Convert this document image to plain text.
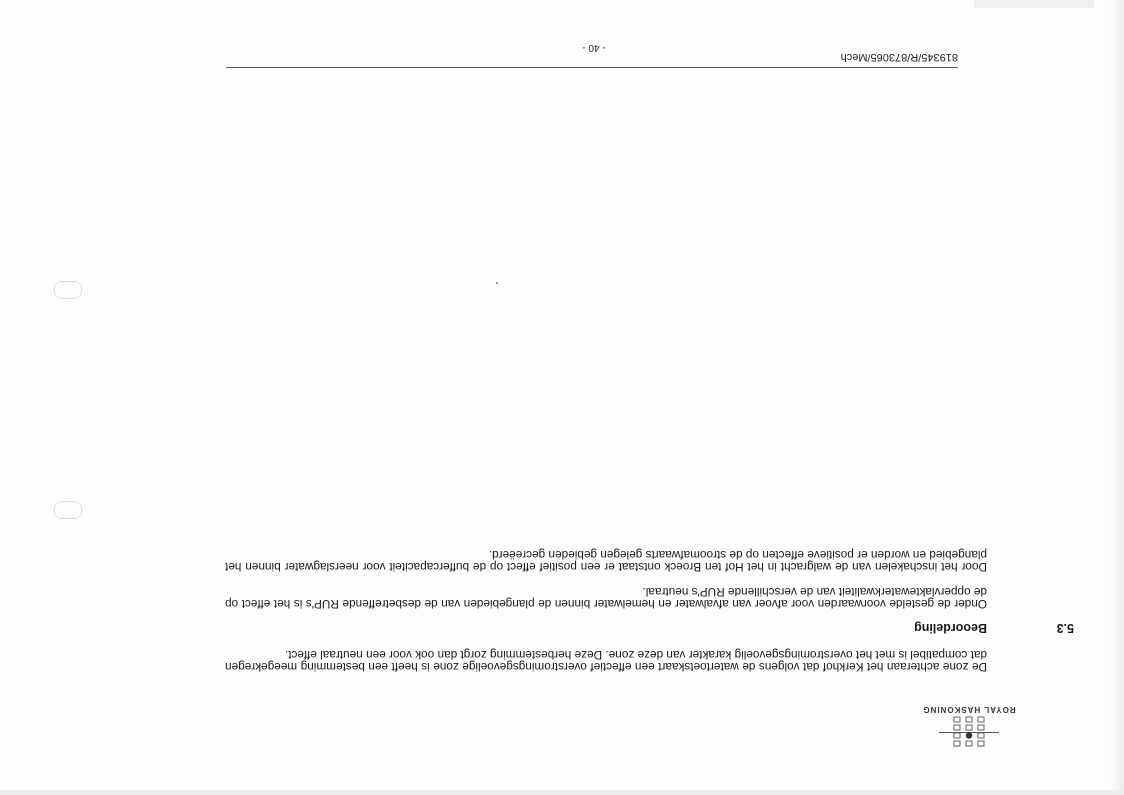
ROYAL HASKONING

De zone achteraan het Kerkhof dat volgens de watertoetskaart een effectief overstromingsgevoelige zone is heeft een bestemming meegekregen dat compatibel is met het overstromingsgevoelig karakter van deze zone. Deze herbestemming zorgt dan ook voor een neutraal effect.

5.3
Beoordeling

Onder de gestelde voorwaarden voor afvoer van afvalwater en hemelwater binnen de plangebieden van de desbetreffende RUP's is het effect op de oppervlaktewaterkwaliteit van de verschillende RUP's neutraal.

Door het inschakelen van de walgracht in het Hof ten Broeck ontstaat er een positief effect op de buffercapaciteit voor neerslagwater binnen het plangebied en worden er positieve effecten op de stroomafwaarts gelegen gebieden gecreëerd.

819345/R/873065/Mech
- 40 -
